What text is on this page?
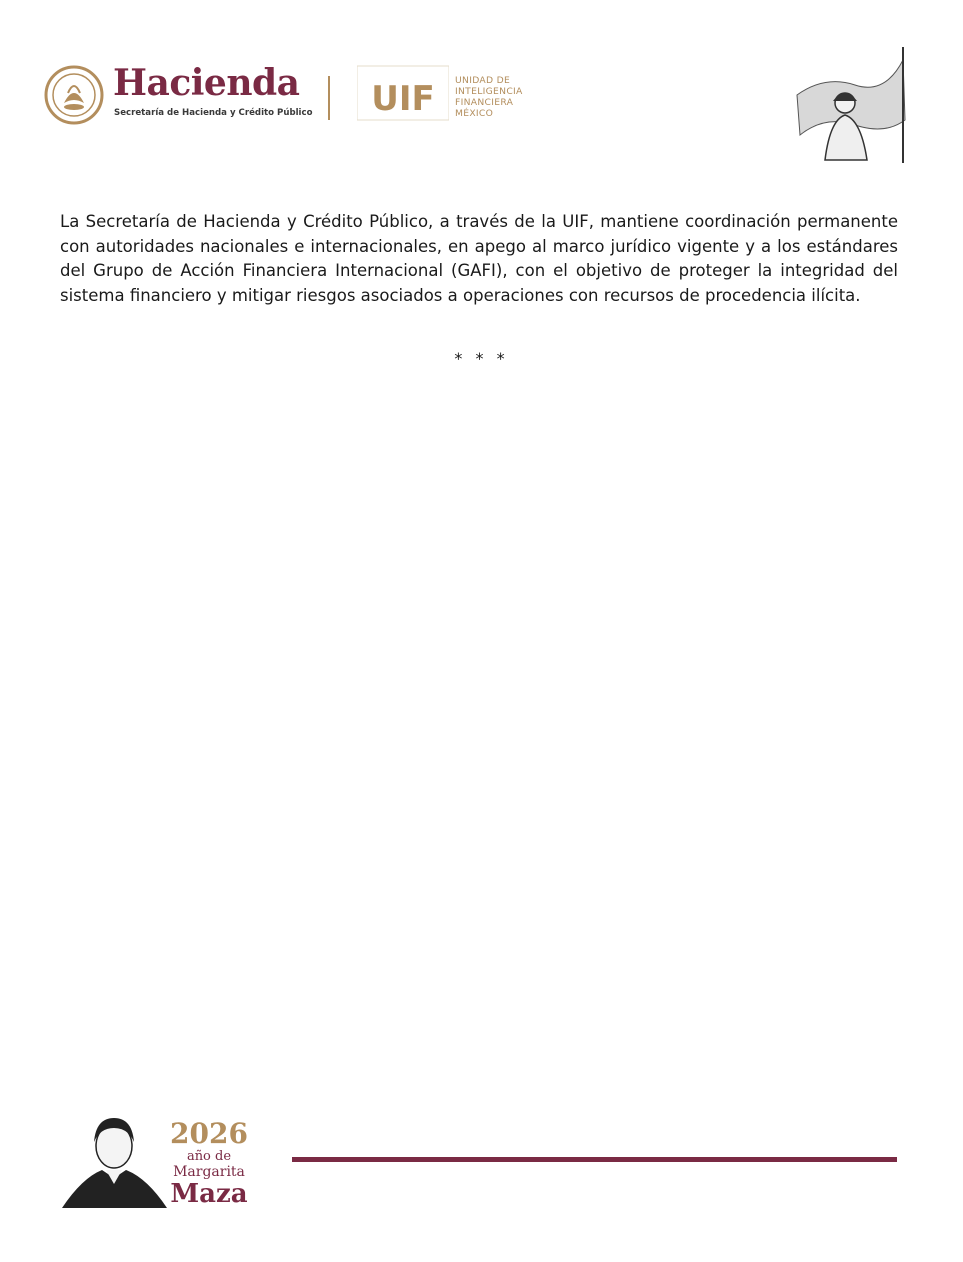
Hacienda
Secretaría de Hacienda y Crédito Público UIF UNIDAD DE
INTELIGENCIA
FINANCIERA
MÉXICO

La Secretaría de Hacienda y Crédito Público, a través de la UIF, mantiene coordinación permanente con autoridades nacionales e internacionales, en apego al marco jurídico vigente y a los estándares del Grupo de Acción Financiera Internacional (GAFI), con el objetivo de proteger la integridad del sistema financiero y mitigar riesgos asociados a operaciones con recursos de procedencia ilícita.

* * *
2026
año de
Margarita
Maza
